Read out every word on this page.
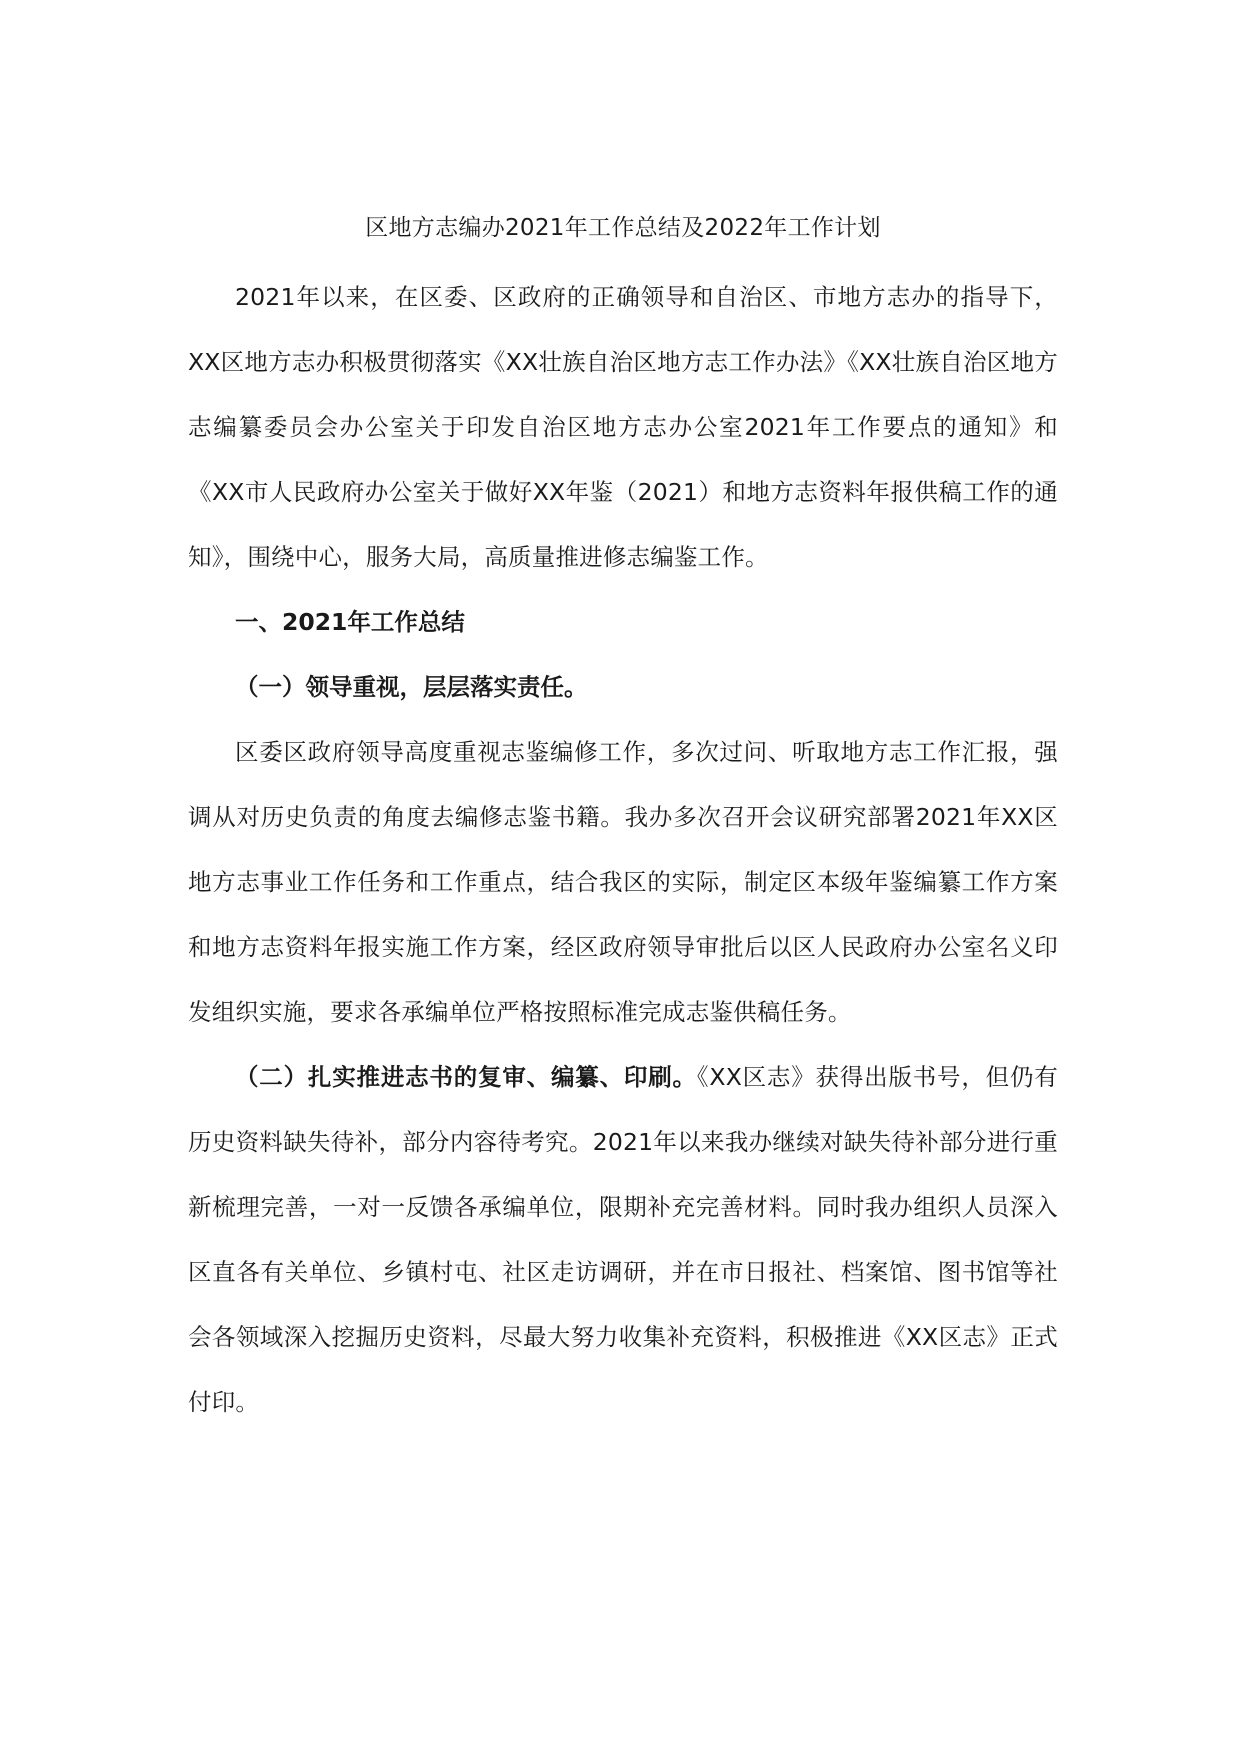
区地方志编办2021年工作总结及2022年工作计划

2021年以来，在区委、区政府的正确领导和自治区、市地方志办的指导下，XX区地方志办积极贯彻落实《XX壮族自治区地方志工作办法》《XX壮族自治区地方志编纂委员会办公室关于印发自治区地方志办公室2021年工作要点的通知》和《XX市人民政府办公室关于做好XX年鉴（2021）和地方志资料年报供稿工作的通知》，围绕中心，服务大局，高质量推进修志编鉴工作。

一、2021年工作总结

（一）领导重视，层层落实责任。

区委区政府领导高度重视志鉴编修工作，多次过问、听取地方志工作汇报，强调从对历史负责的角度去编修志鉴书籍。我办多次召开会议研究部署2021年XX区地方志事业工作任务和工作重点，结合我区的实际，制定区本级年鉴编纂工作方案和地方志资料年报实施工作方案，经区政府领导审批后以区人民政府办公室名义印发组织实施，要求各承编单位严格按照标准完成志鉴供稿任务。

（二）扎实推进志书的复审、编纂、印刷。《XX区志》获得出版书号，但仍有历史资料缺失待补，部分内容待考究。2021年以来我办继续对缺失待补部分进行重新梳理完善，一对一反馈各承编单位，限期补充完善材料。同时我办组织人员深入区直各有关单位、乡镇村屯、社区走访调研，并在市日报社、档案馆、图书馆等社会各领域深入挖掘历史资料，尽最大努力收集补充资料，积极推进《XX区志》正式付印。
